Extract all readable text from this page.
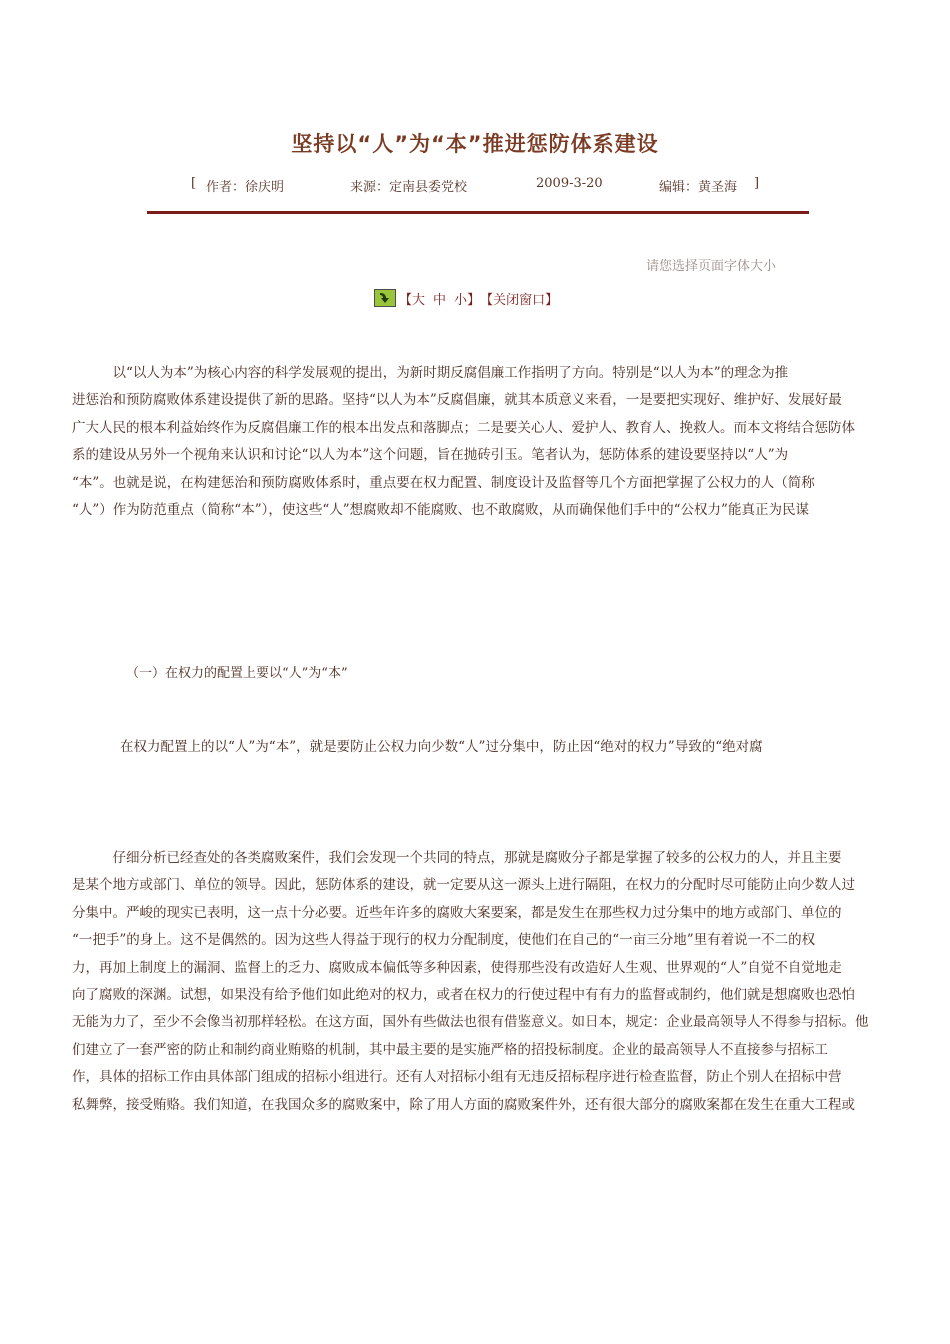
坚持以“人”为“本”推进惩防体系建设
[ 作者：徐庆明	来源：定南县委党校	2009-3-20	编辑：黄圣海 ]
请您选择页面字体大小
【 大 中 小 】 【关闭窗口】

　　　以“以人为本”为核心内容的科学发展观的提出，为新时期反腐倡廉工作指明了方向。特别是“以人为本”的理念为推
进惩治和预防腐败体系建设提供了新的思路。坚持“以人为本”反腐倡廉，就其本质意义来看，一是要把实现好、维护好、发展好最
广大人民的根本利益始终作为反腐倡廉工作的根本出发点和落脚点；二是要关心人、爱护人、教育人、挽救人。而本文将结合惩防体
系的建设从另外一个视角来认识和讨论“以人为本”这个问题，旨在抛砖引玉。笔者认为，惩防体系的建设要坚持以“人”为
“本”。也就是说，在构建惩治和预防腐败体系时，重点要在权力配置、制度设计及监督等几个方面把掌握了公权力的人（简称
“人”）作为防范重点（简称“本”），使这些“人”想腐败却不能腐败、也不敢腐败，从而确保他们手中的“公权力”能真正为民谋

（一）在权力的配置上要以“人”为“本”
在权力配置上的以“人”为“本”，就是要防止公权力向少数“人”过分集中，防止因“绝对的权力”导致的“绝对腐

　　　仔细分析已经查处的各类腐败案件，我们会发现一个共同的特点，那就是腐败分子都是掌握了较多的公权力的人，并且主要
是某个地方或部门、单位的领导。因此，惩防体系的建设，就一定要从这一源头上进行隔阻，在权力的分配时尽可能防止向少数人过
分集中。严峻的现实已表明，这一点十分必要。近些年许多的腐败大案要案，都是发生在那些权力过分集中的地方或部门、单位的
“一把手”的身上。这不是偶然的。因为这些人得益于现行的权力分配制度，使他们在自己的“一亩三分地”里有着说一不二的权
力，再加上制度上的漏洞、监督上的乏力、腐败成本偏低等多种因素，使得那些没有改造好人生观、世界观的“人”自觉不自觉地走
向了腐败的深渊。试想，如果没有给予他们如此绝对的权力，或者在权力的行使过程中有有力的监督或制约，他们就是想腐败也恐怕
无能为力了，至少不会像当初那样轻松。在这方面，国外有些做法也很有借鉴意义。如日本，规定：企业最高领导人不得参与招标。他
们建立了一套严密的防止和制约商业贿赂的机制，其中最主要的是实施严格的招投标制度。企业的最高领导人不直接参与招标工
作，具体的招标工作由具体部门组成的招标小组进行。还有人对招标小组有无违反招标程序进行检查监督，防止个别人在招标中营
私舞弊，接受贿赂。我们知道，在我国众多的腐败案中，除了用人方面的腐败案件外，还有很大部分的腐败案都在发生在重大工程或
